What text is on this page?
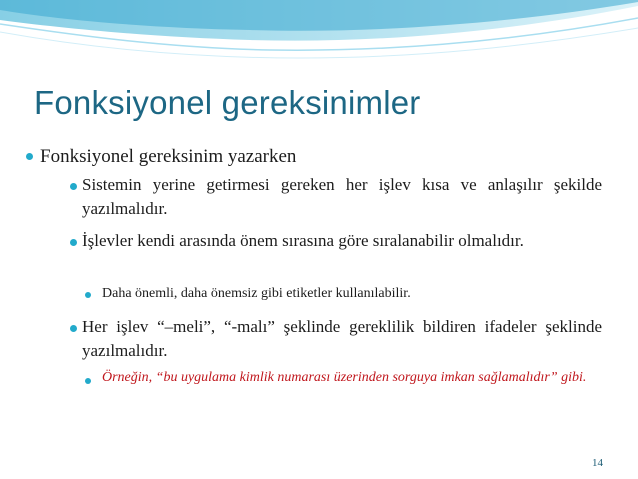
Fonksiyonel gereksinimler
Fonksiyonel gereksinim yazarken
Sistemin yerine getirmesi gereken her işlev kısa ve anlaşılır şekilde yazılmalıdır.
İşlevler kendi arasında önem sırasına göre sıralanabilir olmalıdır.
Daha önemli, daha önemsiz gibi etiketler kullanılabilir.
Her işlev “–meli”, “-malı” şeklinde gereklilik bildiren ifadeler şeklinde yazılmalıdır.
Örneğin, “bu uygulama kimlik numarası üzerinden sorguya imkan sağlamalıdır” gibi.
14
